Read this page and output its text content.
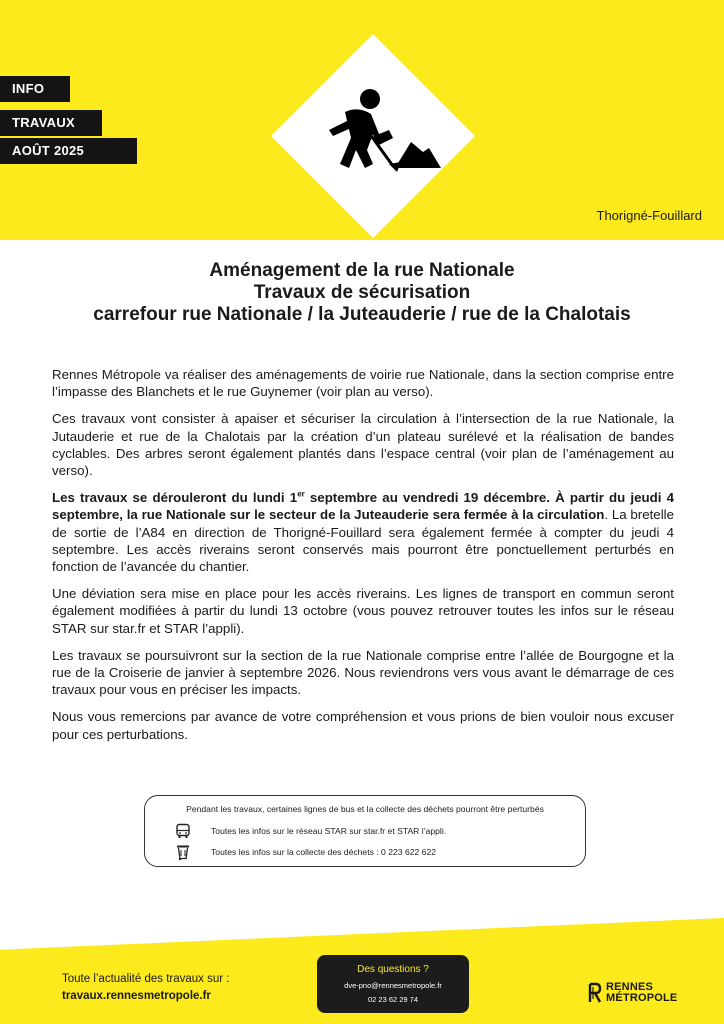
INFO
TRAVAUX
AOÛT 2025
Thorigné-Fouillard
Aménagement de la rue Nationale
Travaux de sécurisation
carrefour rue Nationale / la Juteauderie / rue de la Chalotais

Rennes Métropole va réaliser des aménagements de voirie rue Nationale, dans la section comprise entre l’impasse des Blanchets et le rue Guynemer (voir plan au verso).

Ces travaux vont consister à apaiser et sécuriser la circulation à l’intersection de la rue Nationale, la Jutauderie et rue de la Chalotais par la création d’un plateau surélevé et la réalisation de bandes cyclables. Des arbres seront également plantés dans l’espace central (voir plan de l’aménagement au verso).

Les travaux se dérouleront du lundi 1er septembre au vendredi 19 décembre. À partir du jeudi 4 septembre, la rue Nationale sur le secteur de la Juteauderie sera fermée à la circulation. La bretelle de sortie de l’A84 en direction de Thorigné-Fouillard sera également fermée à compter du jeudi 4 septembre. Les accès riverains seront conservés mais pourront être ponctuellement perturbés en fonction de l’avancée du chantier.

Une déviation sera mise en place pour les accès riverains. Les lignes de transport en commun seront également modifiées à partir du lundi 13 octobre (vous pouvez retrouver toutes les infos sur le réseau STAR sur star.fr et STAR l’appli).

Les travaux se poursuivront sur la section de la rue Nationale comprise entre l’allée de Bourgogne et la rue de la Croiserie de janvier à septembre 2026. Nous reviendrons vers vous avant le démarrage de ces travaux pour vous en préciser les impacts.

Nous vous remercions par avance de votre compréhension et vous prions de bien vouloir nous excuser pour ces perturbations.

Pendant les travaux, certaines lignes de bus et la collecte des déchets pourront être perturbés
Toutes les infos sur le réseau STAR sur star.fr et STAR l’appli.
Toutes les infos sur la collecte des déchets : 0 223 622 622
Toute l’actualité des travaux sur :
travaux.rennesmetropole.fr
Des questions ?
dve-pno@rennesmetropole.fr
02 23 62 29 74
RENNES
MÉTROPOLE
